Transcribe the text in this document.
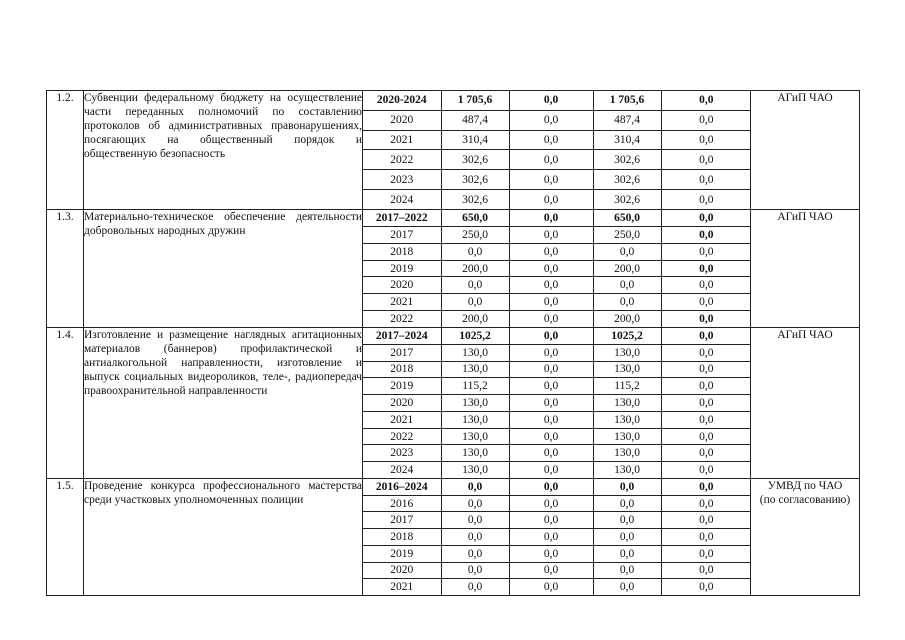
1.2.	Субвенции федеральному бюджету на осуществление части переданных полномочий по составлению протоколов об административных правонарушениях, посягающих на общественный порядок и общественную безопасность	
2020-2024	1 705,6	0,0	1 705,6	0,0
2020	487,4	0,0	487,4	0,0
2021	310,4	0,0	310,4	0,0
2022	302,6	0,0	302,6	0,0
2023	302,6	0,0	302,6	0,0
2024	302,6	0,0	302,6	0,0
	АГиП ЧАО
1.3.	Материально-техническое обеспечение деятельности добровольных народных дружин	
2017–2022	650,0	0,0	650,0	0,0
2017	250,0	0,0	250,0	0,0
2018	0,0	0,0	0,0	0,0
2019	200,0	0,0	200,0	0,0
2020	0,0	0,0	0,0	0,0
2021	0,0	0,0	0,0	0,0
2022	200,0	0,0	200,0	0,0
	АГиП ЧАО
1.4.	Изготовление и размещение наглядных агитационных материалов (баннеров) профилактической и антиалкогольной направленности, изготовление и выпуск социальных видеороликов, теле-, радиопередач правоохранительной направленности	
2017–2024	1025,2	0,0	1025,2	0,0
2017	130,0	0,0	130,0	0,0
2018	130,0	0,0	130,0	0,0
2019	115,2	0,0	115,2	0,0
2020	130,0	0,0	130,0	0,0
2021	130,0	0,0	130,0	0,0
2022	130,0	0,0	130,0	0,0
2023	130,0	0,0	130,0	0,0
2024	130,0	0,0	130,0	0,0
	АГиП ЧАО
1.5.	Проведение конкурса профессионального мастерства среди участковых уполномоченных полиции	
2016–2024	0,0	0,0	0,0	0,0
2016	0,0	0,0	0,0	0,0
2017	0,0	0,0	0,0	0,0
2018	0,0	0,0	0,0	0,0
2019	0,0	0,0	0,0	0,0
2020	0,0	0,0	0,0	0,0
2021	0,0	0,0	0,0	0,0
	УМВД по ЧАО
(по согласованию)
